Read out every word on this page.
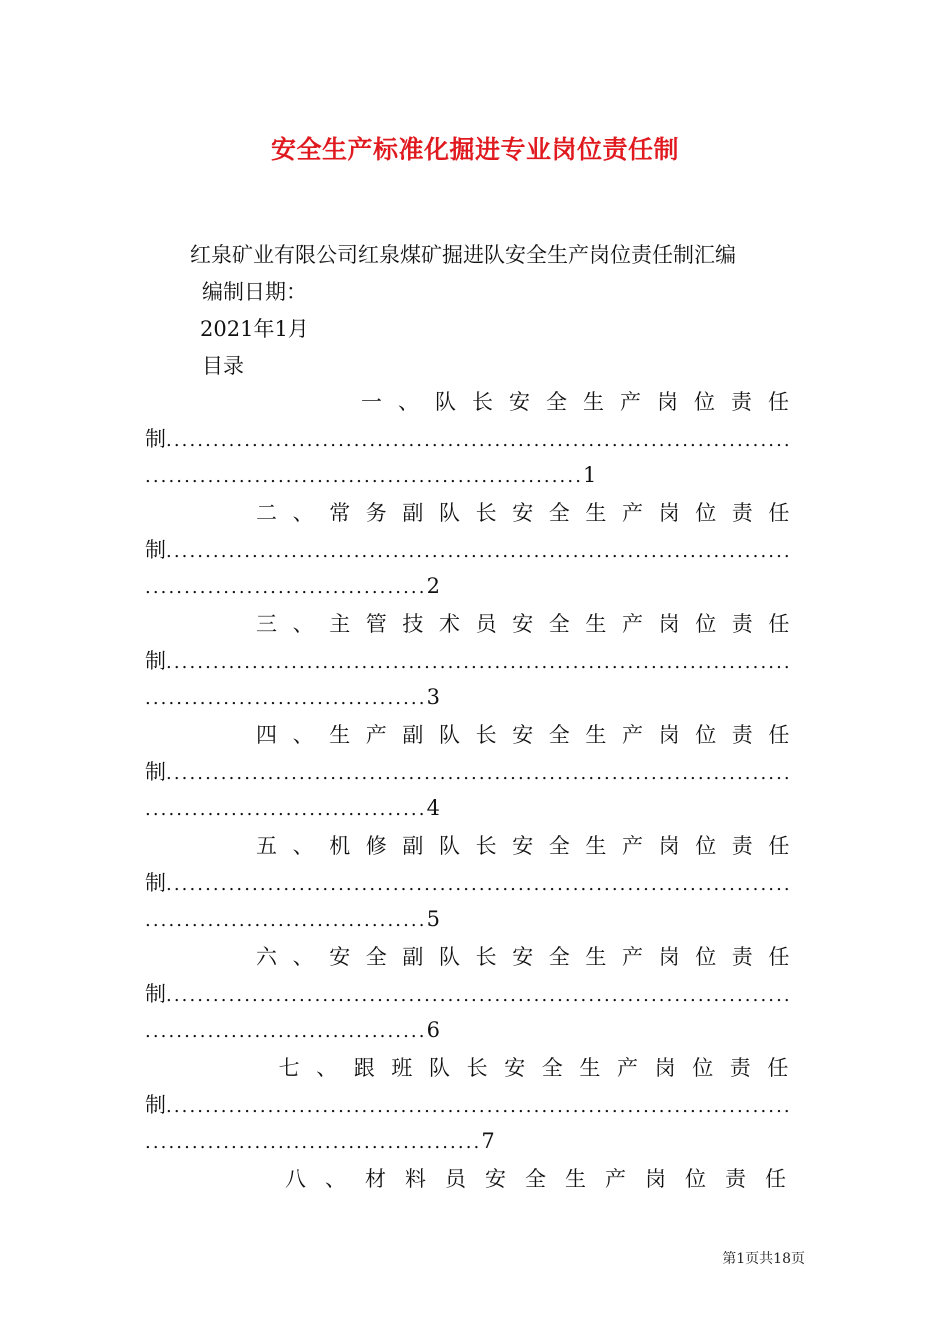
安全生产标准化掘进专业岗位责任制
红泉矿业有限公司红泉煤矿掘进队安全生产岗位责任制汇编
编制日期：
2021年1月
目录
一、队长安全生产岗位责任
制................................................................................
........................................................1
二、常务副队长安全生产岗位责任
制................................................................................
....................................2
三、主管技术员安全生产岗位责任
制................................................................................
....................................3
四、生产副队长安全生产岗位责任
制................................................................................
....................................4
五、机修副队长安全生产岗位责任
制................................................................................
....................................5
六、安全副队长安全生产岗位责任
制................................................................................
....................................6
七、跟班队长安全生产岗位责任
制................................................................................
...........................................7
八、材料员安全生产岗位责任
第1页共18页
